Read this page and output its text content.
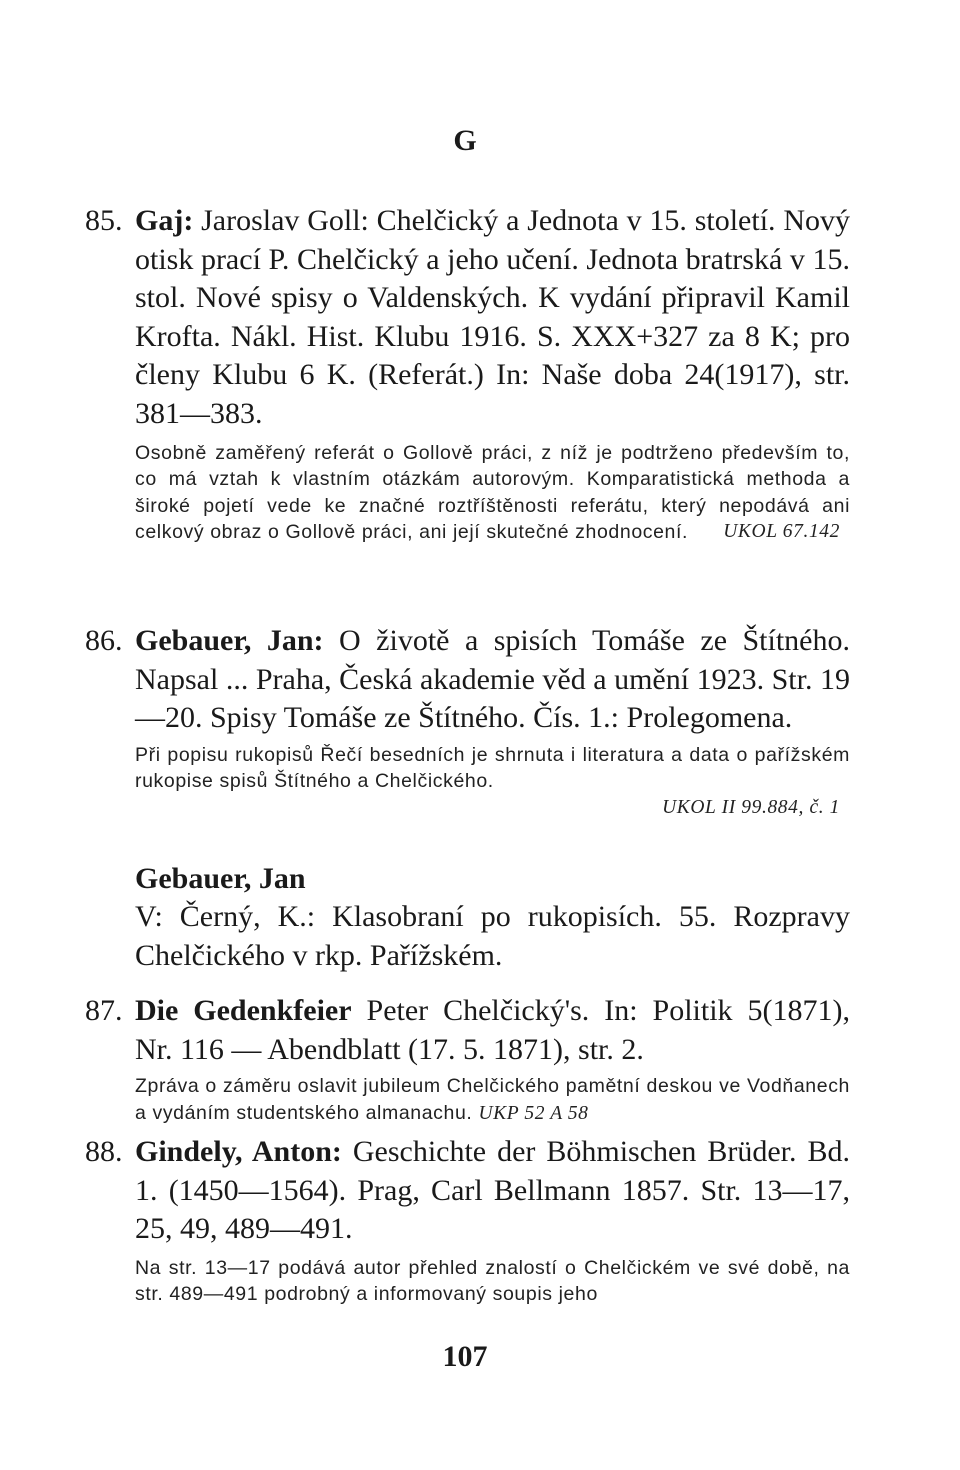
G
85. Gaj: Jaroslav Goll: Chelčický a Jednota v 15. století. Nový otisk prací P. Chelčický a jeho učení. Jednota bratrská v 15. stol. Nové spisy o Valdenských. K vydání připravil Kamil Krofta. Nákl. Hist. Klubu 1916. S. XXX+327 za 8 K; pro členy Klubu 6 K. (Referát.) In: Naše doba 24(1917), str. 381—383.
Osobně zaměřený referát o Gollově práci, z níž je podtrženo především to, co má vztah k vlastním otázkám autorovým. Komparatistická methoda a široké pojetí vede ke značné roztříštěnosti referátu, který nepodává ani celkový obraz o Gollově práci, ani její skutečné zhodnocení. UKOL 67.142
86. Gebauer, Jan: O životě a spisích Tomáše ze Štítného. Napsal ... Praha, Česká akademie věd a umění 1923. Str. 19—20. Spisy Tomáše ze Štítného. Čís. 1.: Prolegomena.
Při popisu rukopisů Řečí besedních je shrnuta i literatura a data o pařížském rukopise spisů Štítného a Chelčického.
UKOL II 99.884, č. 1
Gebauer, Jan
V: Černý, K.: Klasobraní po rukopisích. 55. Rozpravy Chelčického v rkp. Pařížském.
87. Die Gedenkfeier Peter Chelčický's. In: Politik 5(1871), Nr. 116 — Abendblatt (17. 5. 1871), str. 2.
Zpráva o záměru oslavit jubileum Chelčického pamětní deskou ve Vodňanech a vydáním studentského almanachu. UKP 52 A 58
88. Gindely, Anton: Geschichte der Böhmischen Brüder. Bd. 1. (1450—1564). Prag, Carl Bellmann 1857. Str. 13—17, 25, 49, 489—491.
Na str. 13—17 podává autor přehled znalostí o Chelčickém ve své době, na str. 489—491 podrobný a informovaný soupis jeho
107
